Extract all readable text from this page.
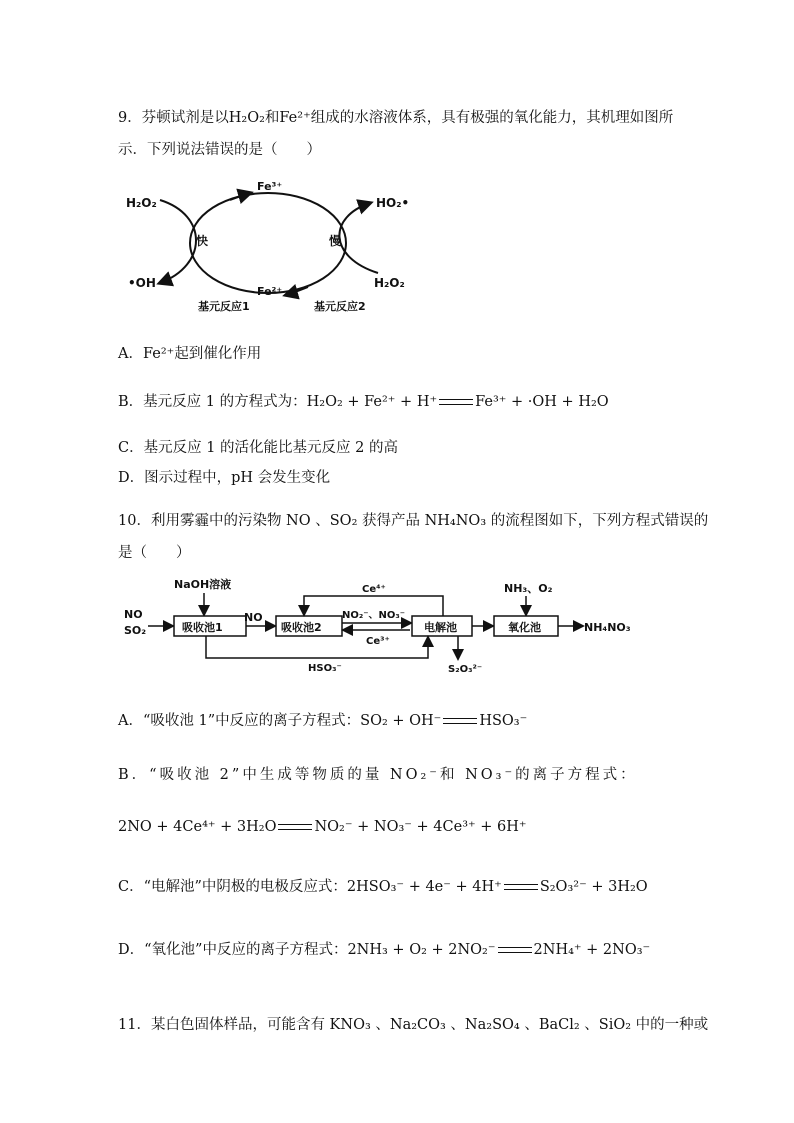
9．芬顿试剂是以H₂O₂和Fe²⁺组成的水溶液体系，具有极强的氧化能力，其机理如图所
示．下列说法错误的是（　　）
H₂O₂
•OH
Fe³⁺
Fe²⁺
快	慢
HO₂•
H₂O₂
基元反应1	基元反应2
A．Fe²⁺起到催化作用
B．基元反应 1 的方程式为：H₂O₂ + Fe²⁺ + H⁺	Fe³⁺ + ·OH + H₂O
C．基元反应 1 的活化能比基元反应 2 的高
D．图示过程中，pH 会发生变化
10．利用雾霾中的污染物 NO 、SO₂ 获得产品 NH₄NO₃ 的流程图如下，下列方程式错误的
是（　　）
NO
SO₂
NaOH溶液
吸收池1
NO
吸收池2
Ce⁴⁺
NO₂⁻、NO₃⁻
Ce³⁺
电解池
HSO₃⁻	S₂O₃²⁻
NH₃、O₂
氧化池	NH₄NO₃
A．“吸收池 1”中反应的离子方程式：SO₂ + OH⁻	HSO₃⁻
B．“吸收池 2”中生成等物质的量 NO₂⁻和 NO₃⁻的离子方程式：
2NO + 4Ce⁴⁺ + 3H₂O	NO₂⁻ + NO₃⁻ + 4Ce³⁺ + 6H⁺
C．“电解池”中阴极的电极反应式：2HSO₃⁻ + 4e⁻ + 4H⁺	S₂O₃²⁻ + 3H₂O
D．“氧化池”中反应的离子方程式：2NH₃ + O₂ + 2NO₂⁻	2NH₄⁺ + 2NO₃⁻
11．某白色固体样品，可能含有 KNO₃ 、Na₂CO₃ 、Na₂SO₄ 、BaCl₂ 、SiO₂ 中的一种或
